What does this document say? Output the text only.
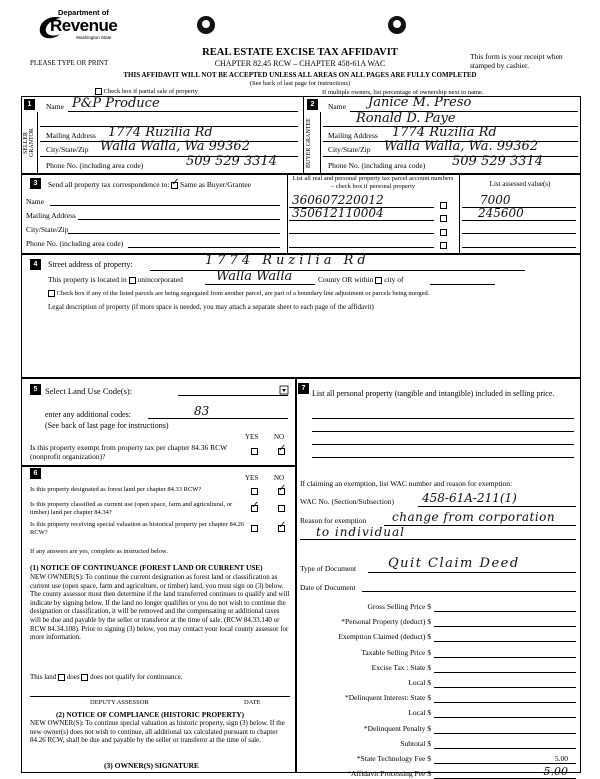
Department of
Revenue
Washington State
PLEASE TYPE OR PRINT
REAL ESTATE EXCISE TAX AFFIDAVIT
CHAPTER 82.45 RCW – CHAPTER 458-61A WAC
This form is your receipt when stamped by cashier.
THIS AFFIDAVIT WILL NOT BE ACCEPTED UNLESS ALL AREAS ON ALL PAGES ARE FULLY COMPLETED
(See back of last page for instructions)
Check box if partial sale of property	If multiple owners, list percentage of ownership next to name.
1
SELLER GRANTOR
Name P&P Produce
Mailing Address 1774 Ruzilia Rd
City/State/Zip Walla Walla, Wa 99362
Phone No. (including area code)	509 529 3314
2
BUYER GRANTEE
Name Janice M. Preso
Ronald D. Paye
Mailing Address 1774 Ruzilia Rd
City/State/Zip Walla Walla, Wa. 99362
Phone No. (including area code) 509 529 3314
3	Send all property tax correspondence to: ✓ Same as Buyer/Grantee
Name
Mailing Address
City/State/Zip
Phone No. (including area code)
List all real and personal property tax parcel account numbers – check box if personal property	List assessed value(s)
360607220012	7000
350612110004	245600
4	Street address of property:	1774 Ruzilia Rd
This property is located in unincorporated	Walla Walla	County OR within city of
Check box if any of the listed parcels are being segregated from another parcel, are part of a boundary line adjustment or parcels being merged.
Legal description of property (if more space is needed, you may attach a separate sheet to each page of the affidavit)
5 Select Land Use Code(s):
enter any additional codes:	83
(See back of last page for instructions)
YES NO
Is this property exempt from property tax per chapter 84.36 RCW (nonprofit organization)?
✓
6
YES NO
Is this property designated as forest land per chapter 84.33 RCW?
✓
Is this property classified as current use (open space, farm and agricultural, or timber) land per chapter 84.34?
✓
Is this property receiving special valuation as historical property per chapter 84.26 RCW?
✓
If any answers are yes, complete as instructed below.
(1) NOTICE OF CONTINUANCE (FOREST LAND OR CURRENT USE)
NEW OWNER(S): To continue the current designation as forest land or classification as current use (open space, farm and agriculture, or timber) land, you must sign on (3) below. The county assessor must then determine if the land transferred continues to qualify and will indicate by signing below. If the land no longer qualifies or you do not wish to continue the designation or classification, it will be removed and the compensating or additional taxes will be due and payable by the seller or transferor at the time of sale. (RCW 84.33.140 or RCW 84.34.108). Prior to signing (3) below, you may contact your local county assessor for more information.
This land does does not qualify for continuance.
DEPUTY ASSESSOR	DATE
(2) NOTICE OF COMPLIANCE (HISTORIC PROPERTY)
NEW OWNER(S): To continue special valuation as historic property, sign (3) below. If the new owner(s) does not wish to continue, all additional tax calculated pursuant to chapter 84.26 RCW, shall be due and payable by the seller or transferor at the time of sale.
(3) OWNER(S) SIGNATURE
7
List all personal property (tangible and intangible) included in selling price.
If claiming an exemption, list WAC number and reason for exemption:
WAC No. (Section/Subsection) 458-61A-211(1)
Reason for exemption change from corporation
to individual
Type of Document Quit Claim Deed
Date of Document
Gross Selling Price $
*Personal Property (deduct) $
Exemption Claimed (deduct) $
Taxable Selling Price $
Excise Tax : State $
Local $
*Delinquent Interest: State $
Local $
*Delinquent Penalty $
Subtotal $
*State Technology Fee $	5.00
*Affidavit Processing Fee $	5.00
